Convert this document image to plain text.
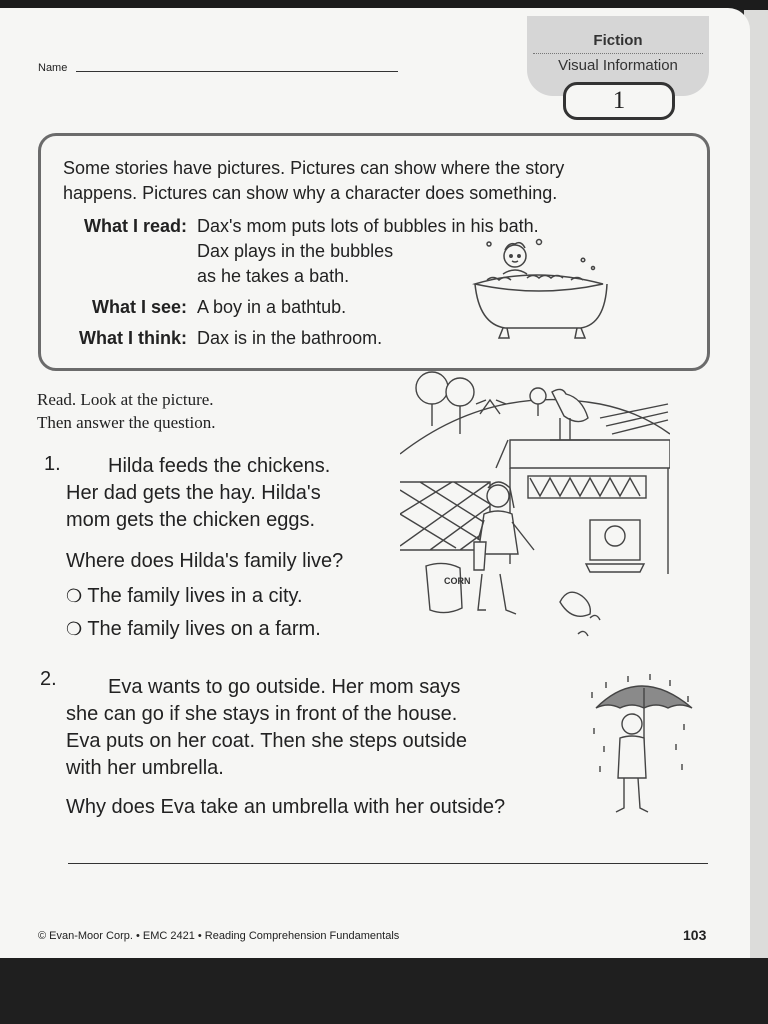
Name
Fiction
Visual Information
1
Some stories have pictures. Pictures can show where the story
happens. Pictures can show why a character does something.
What I read: Dax's mom puts lots of bubbles in his bath.
Dax plays in the bubbles
as he takes a bath.
What I see: A boy in a bathtub.
What I think: Dax is in the bathroom.
Read. Look at the picture.
Then answer the question.
1.	Hilda feeds the chickens.
Her dad gets the hay. Hilda's
mom gets the chicken eggs.
Where does Hilda's family live?
❍ The family lives in a city.
❍ The family lives on a farm.
CORN
2.	Eva wants to go outside. Her mom says
she can go if she stays in front of the house.
Eva puts on her coat. Then she steps outside
with her umbrella.
Why does Eva take an umbrella with her outside?
© Evan-Moor Corp. • EMC 2421 • Reading Comprehension Fundamentals	103
